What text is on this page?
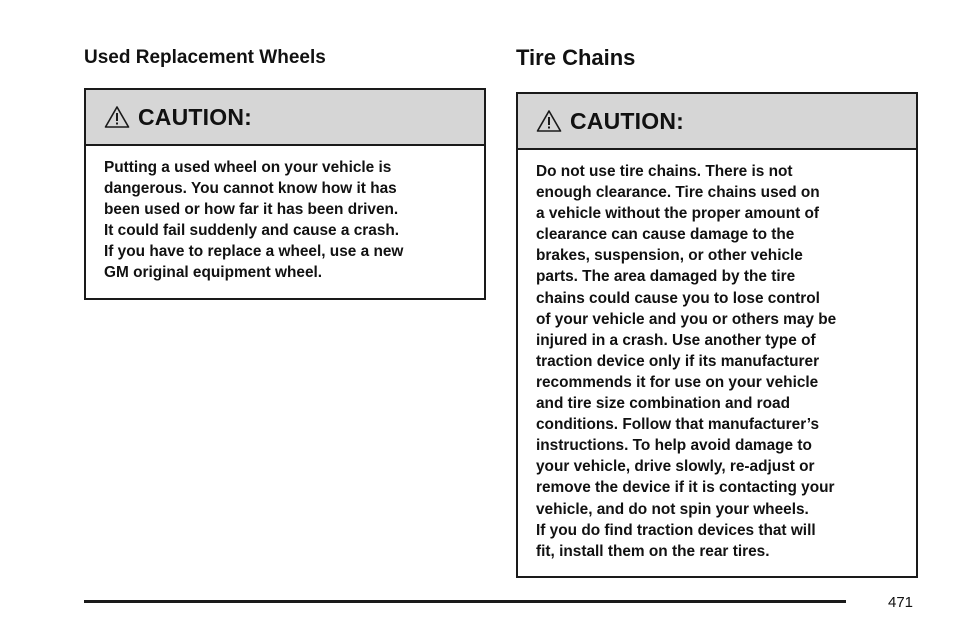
Used Replacement Wheels
CAUTION:
Putting a used wheel on your vehicle is
dangerous. You cannot know how it has
been used or how far it has been driven.
It could fail suddenly and cause a crash.
If you have to replace a wheel, use a new
GM original equipment wheel.
Tire Chains
CAUTION:
Do not use tire chains. There is not
enough clearance. Tire chains used on
a vehicle without the proper amount of
clearance can cause damage to the
brakes, suspension, or other vehicle
parts. The area damaged by the tire
chains could cause you to lose control
of your vehicle and you or others may be
injured in a crash. Use another type of
traction device only if its manufacturer
recommends it for use on your vehicle
and tire size combination and road
conditions. Follow that manufacturer’s
instructions. To help avoid damage to
your vehicle, drive slowly, re-adjust or
remove the device if it is contacting your
vehicle, and do not spin your wheels.
If you do find traction devices that will
fit, install them on the rear tires.
471
